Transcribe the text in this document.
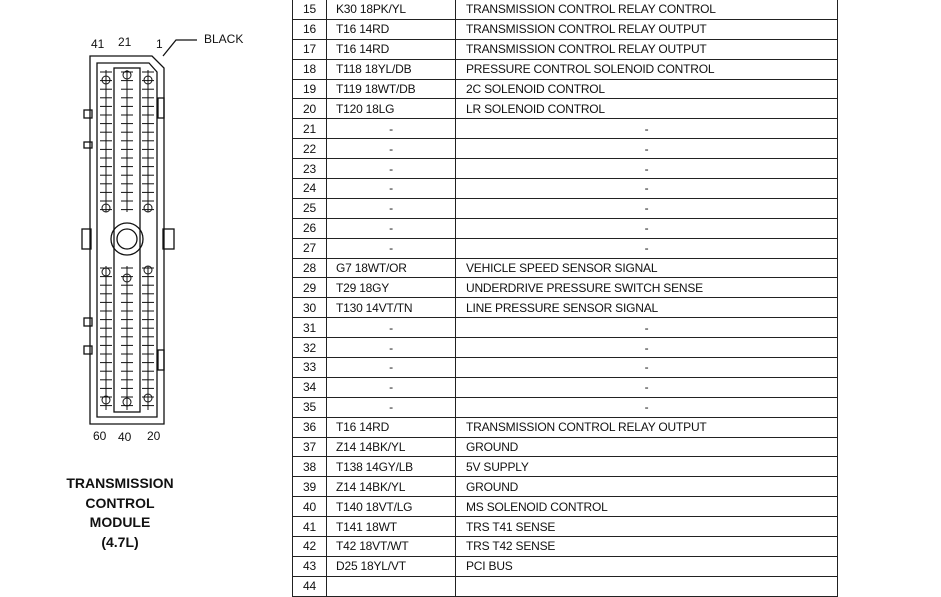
41 21 1	BLACK
60 40 20
TRANSMISSION
CONTROL
MODULE
(4.7L)
15	K30 18PK/YL	TRANSMISSION CONTROL RELAY CONTROL
16	T16 14RD	TRANSMISSION CONTROL RELAY OUTPUT
17	T16 14RD	TRANSMISSION CONTROL RELAY OUTPUT
18	T118 18YL/DB	PRESSURE CONTROL SOLENOID CONTROL
19	T119 18WT/DB	2C SOLENOID CONTROL
20	T120 18LG	LR SOLENOID CONTROL
21	-	-
22	-	-
23	-	-
24	-	-
25	-	-
26	-	-
27	-	-
28	G7 18WT/OR	VEHICLE SPEED SENSOR SIGNAL
29	T29 18GY	UNDERDRIVE PRESSURE SWITCH SENSE
30	T130 14VT/TN	LINE PRESSURE SENSOR SIGNAL
31	-	-
32	-	-
33	-	-
34	-	-
35	-	-
36	T16 14RD	TRANSMISSION CONTROL RELAY OUTPUT
37	Z14 14BK/YL	GROUND
38	T138 14GY/LB	5V SUPPLY
39	Z14 14BK/YL	GROUND
40	T140 18VT/LG	MS SOLENOID CONTROL
41	T141 18WT	TRS T41 SENSE
42	T42 18VT/WT	TRS T42 SENSE
43	D25 18YL/VT	PCI BUS
44		
